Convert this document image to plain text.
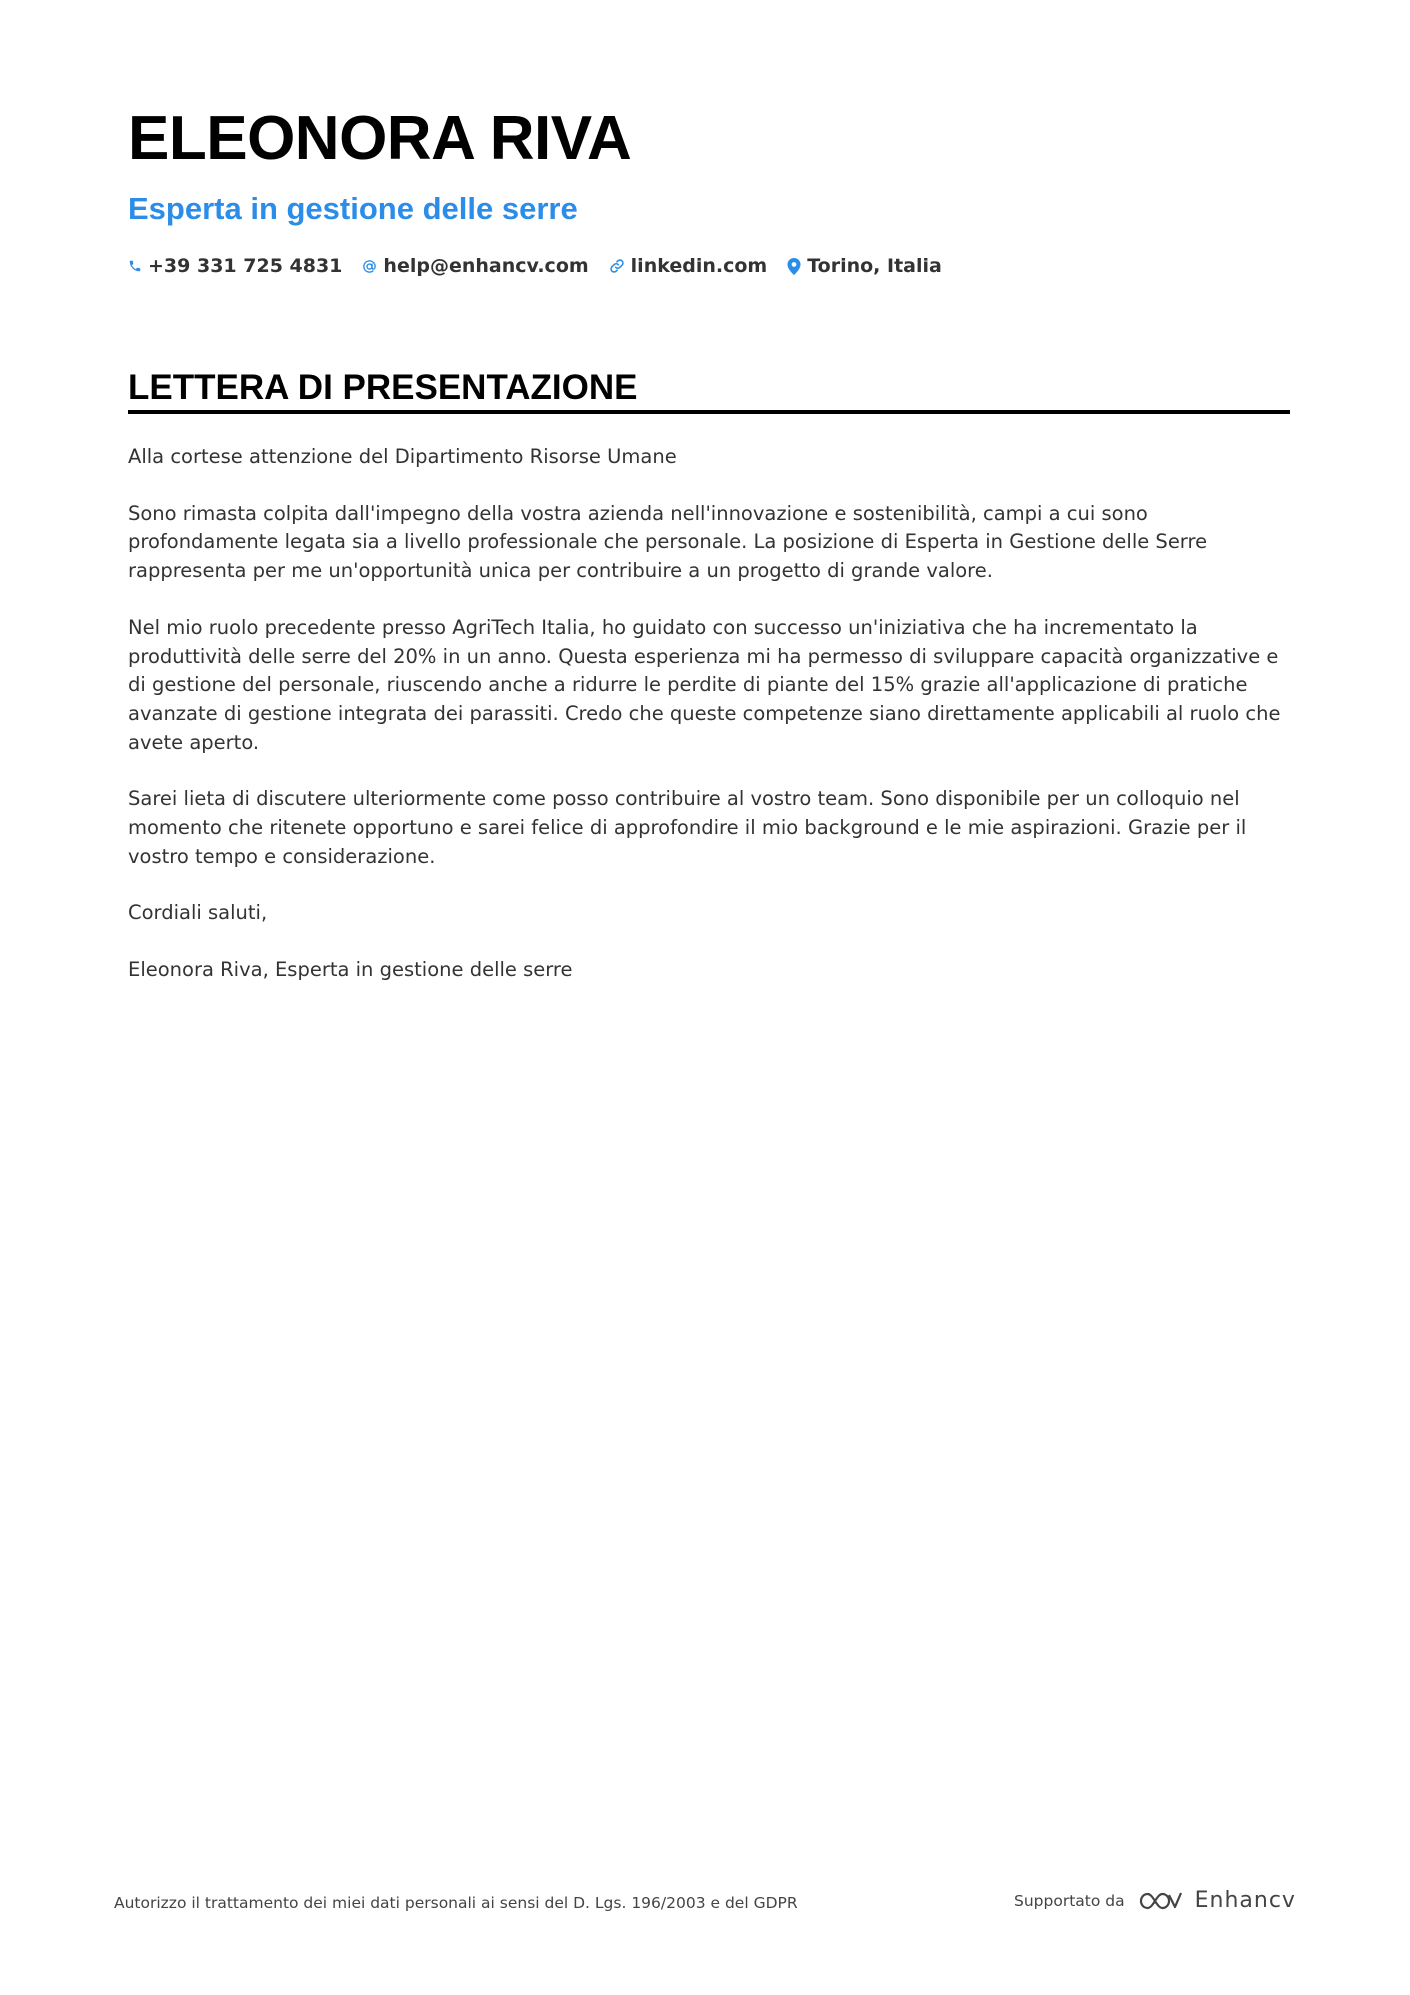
ELEONORA RIVA
Esperta in gestione delle serre
+39 331 725 4831 help@enhancv.com linkedin.com Torino, Italia
LETTERA DI PRESENTAZIONE

Alla cortese attenzione del Dipartimento Risorse Umane

Sono rimasta colpita dall'impegno della vostra azienda nell'innovazione e sostenibilità, campi a cui sono profondamente legata sia a livello professionale che personale. La posizione di Esperta in Gestione delle Serre rappresenta per me un'opportunità unica per contribuire a un progetto di grande valore.

Nel mio ruolo precedente presso AgriTech Italia, ho guidato con successo un'iniziativa che ha incrementato la produttività delle serre del 20% in un anno. Questa esperienza mi ha permesso di sviluppare capacità organizzative e di gestione del personale, riuscendo anche a ridurre le perdite di piante del 15% grazie all'applicazione di pratiche avanzate di gestione integrata dei parassiti. Credo che queste competenze siano direttamente applicabili al ruolo che avete aperto.

Sarei lieta di discutere ulteriormente come posso contribuire al vostro team. Sono disponibile per un colloquio nel momento che ritenete opportuno e sarei felice di approfondire il mio background e le mie aspirazioni. Grazie per il vostro tempo e considerazione.

Cordiali saluti,

Eleonora Riva, Esperta in gestione delle serre

Autorizzo il trattamento dei miei dati personali ai sensi del D. Lgs. 196/2003 e del GDPR	Supportato da	Enhancv
